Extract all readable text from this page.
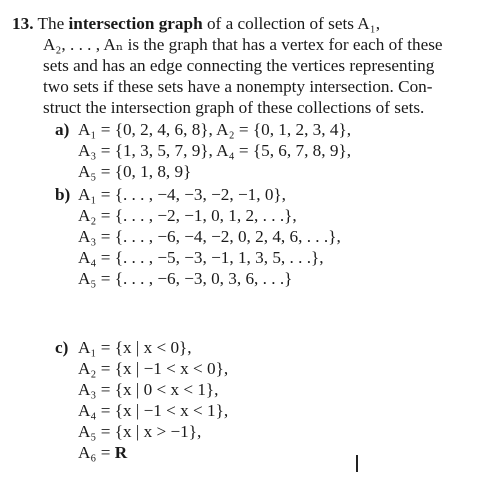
13. The intersection graph of a collection of sets A₁,
A₂, . . . , Aₙ is the graph that has a vertex for each of these
sets and has an edge connecting the vertices representing
two sets if these sets have a nonempty intersection. Con-
struct the intersection graph of these collections of sets.
a) A₁ = {0, 2, 4, 6, 8}, A₂ = {0, 1, 2, 3, 4},
A₃ = {1, 3, 5, 7, 9}, A₄ = {5, 6, 7, 8, 9},
A₅ = {0, 1, 8, 9}
b) A₁ = {. . . , −4, −3, −2, −1, 0},
A₂ = {. . . , −2, −1, 0, 1, 2, . . .},
A₃ = {. . . , −6, −4, −2, 0, 2, 4, 6, . . .},
A₄ = {. . . , −5, −3, −1, 1, 3, 5, . . .},
A₅ = {. . . , −6, −3, 0, 3, 6, . . .}
c) A₁ = {x | x < 0},
A₂ = {x | −1 < x < 0},
A₃ = {x | 0 < x < 1},
A₄ = {x | −1 < x < 1},
A₅ = {x | x > −1},
A₆ = R
